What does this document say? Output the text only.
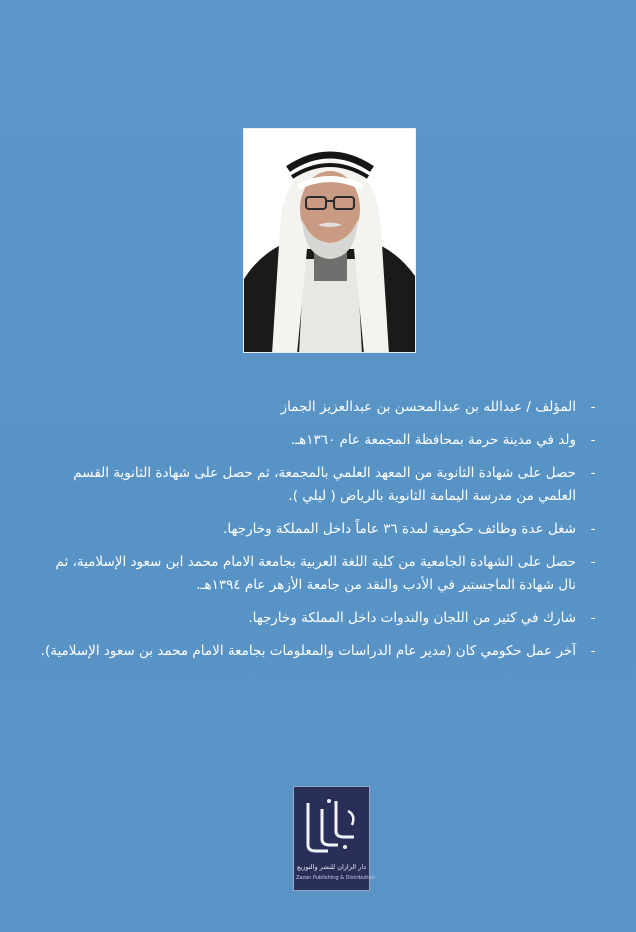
-
المؤلف / عبدالله بن عبدالمحسن بن عبدالعزيز الجماز
-
ولد في مدينة حرمة بمحافظة المجمعة عام ١٣٦٠هـ.
-
حصل على شهادة الثانوية من المعهد العلمي بالمجمعة، ثم حصل على شهادة الثانوية القسم العلمي من مدرسة اليمامة الثانوية بالرياض ( ليلي ).
-
شغل عدة وظائف حكومية لمدة ٣٦ عاماً داخل المملكة وخارجها.
-
حصل على الشهادة الجامعية من كلية اللغة العربية بجامعة الامام محمد ابن سعود الإسلامية، ثم نال شهادة الماجستير في الأدب والنقد من جامعة الأزهر عام ١٣٩٤هـ.
-
شارك في كثير من اللجان والندوات داخل المملكة وخارجها.
-
آخر عمل حكومي كان (مدير عام الدراسات والمعلومات بجامعة الامام محمد بن سعود الإسلامية).
دار الزازان للنشر والتوزيع
Zazan Publishing & Distribution
